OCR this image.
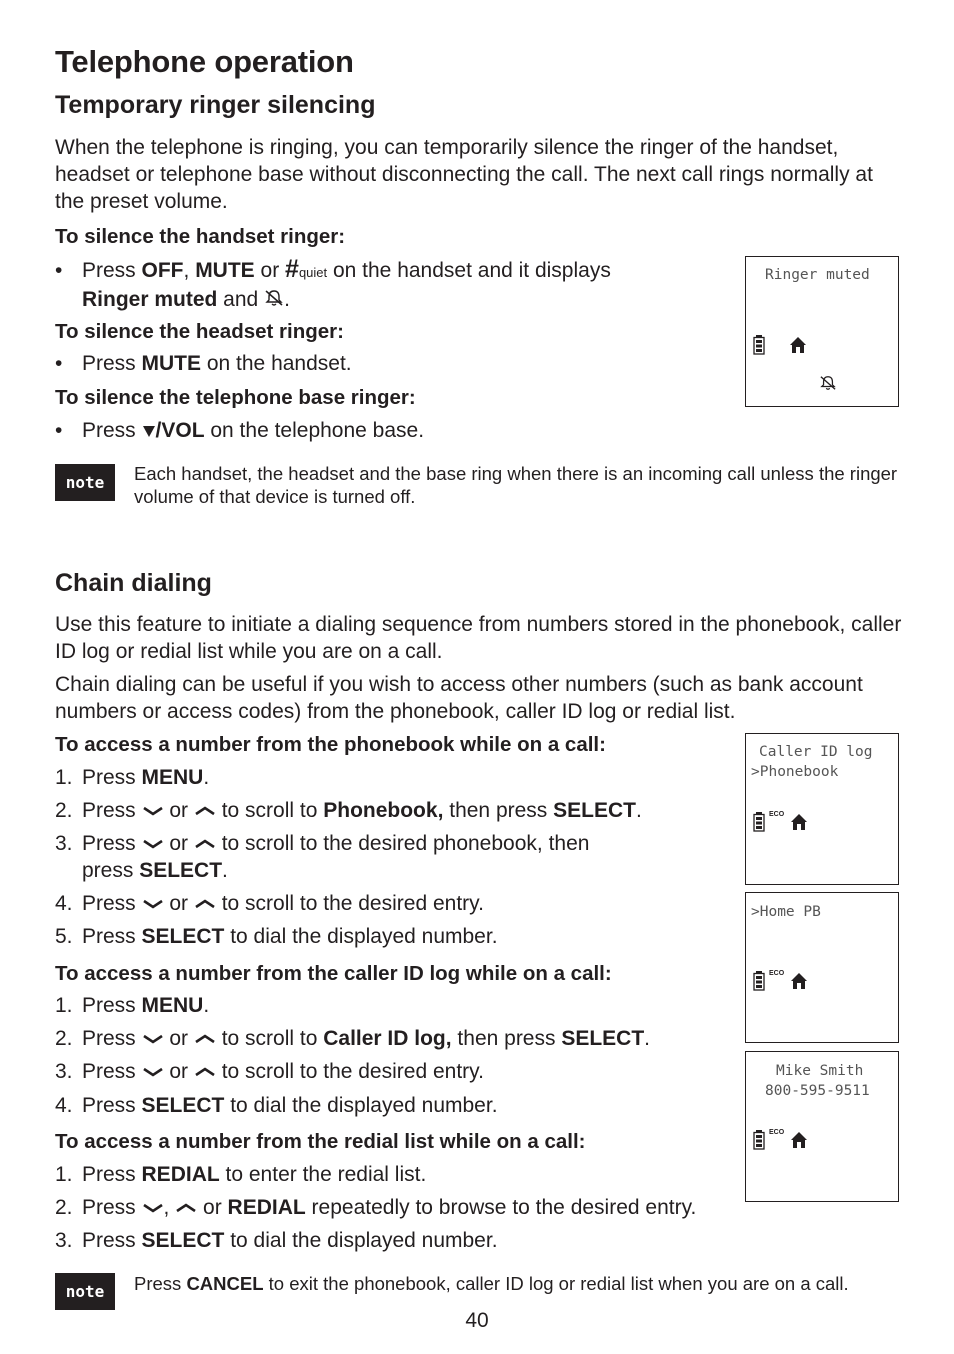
Telephone operation
Temporary ringer silencing

When the telephone is ringing, you can temporarily silence the ringer of the handset, headset or telephone base without disconnecting the call. The next call rings normally at the preset volume.

To silence the handset ringer:
• Press OFF, MUTE or #quiet on the handset and it displays
Ringer muted and .
To silence the headset ringer:
• Press MUTE on the handset.
To silence the telephone base ringer:
• Press /VOL on the telephone base.
note	Each handset, the headset and the base ring when there is an incoming call unless the ringer volume of that device is turned off.
Ringer muted
Chain dialing

Use this feature to initiate a dialing sequence from numbers stored in the phonebook, caller ID log or redial list while you are on a call.

Chain dialing can be useful if you wish to access other numbers (such as bank account numbers or access codes) from the phonebook, caller ID log or redial list.

To access a number from the phonebook while on a call:
1. Press MENU.
2. Press  or  to scroll to Phonebook, then press SELECT.
3. Press  or  to scroll to the desired phonebook, then
press SELECT.
4. Press  or  to scroll to the desired entry.
5. Press SELECT to dial the displayed number.
To access a number from the caller ID log while on a call:
1. Press MENU.
2. Press  or  to scroll to Caller ID log, then press SELECT.
3. Press  or  to scroll to the desired entry.
4. Press SELECT to dial the displayed number.
To access a number from the redial list while on a call:
1. Press REDIAL to enter the redial list.
2. Press ,  or REDIAL repeatedly to browse to the desired entry.
3. Press SELECT to dial the displayed number.
note	Press CANCEL to exit the phonebook, caller ID log or redial list when you are on a call.
Caller ID log
>Phonebook
ECO
>Home PB
ECO
Mike Smith
800-595-9511
ECO
40
